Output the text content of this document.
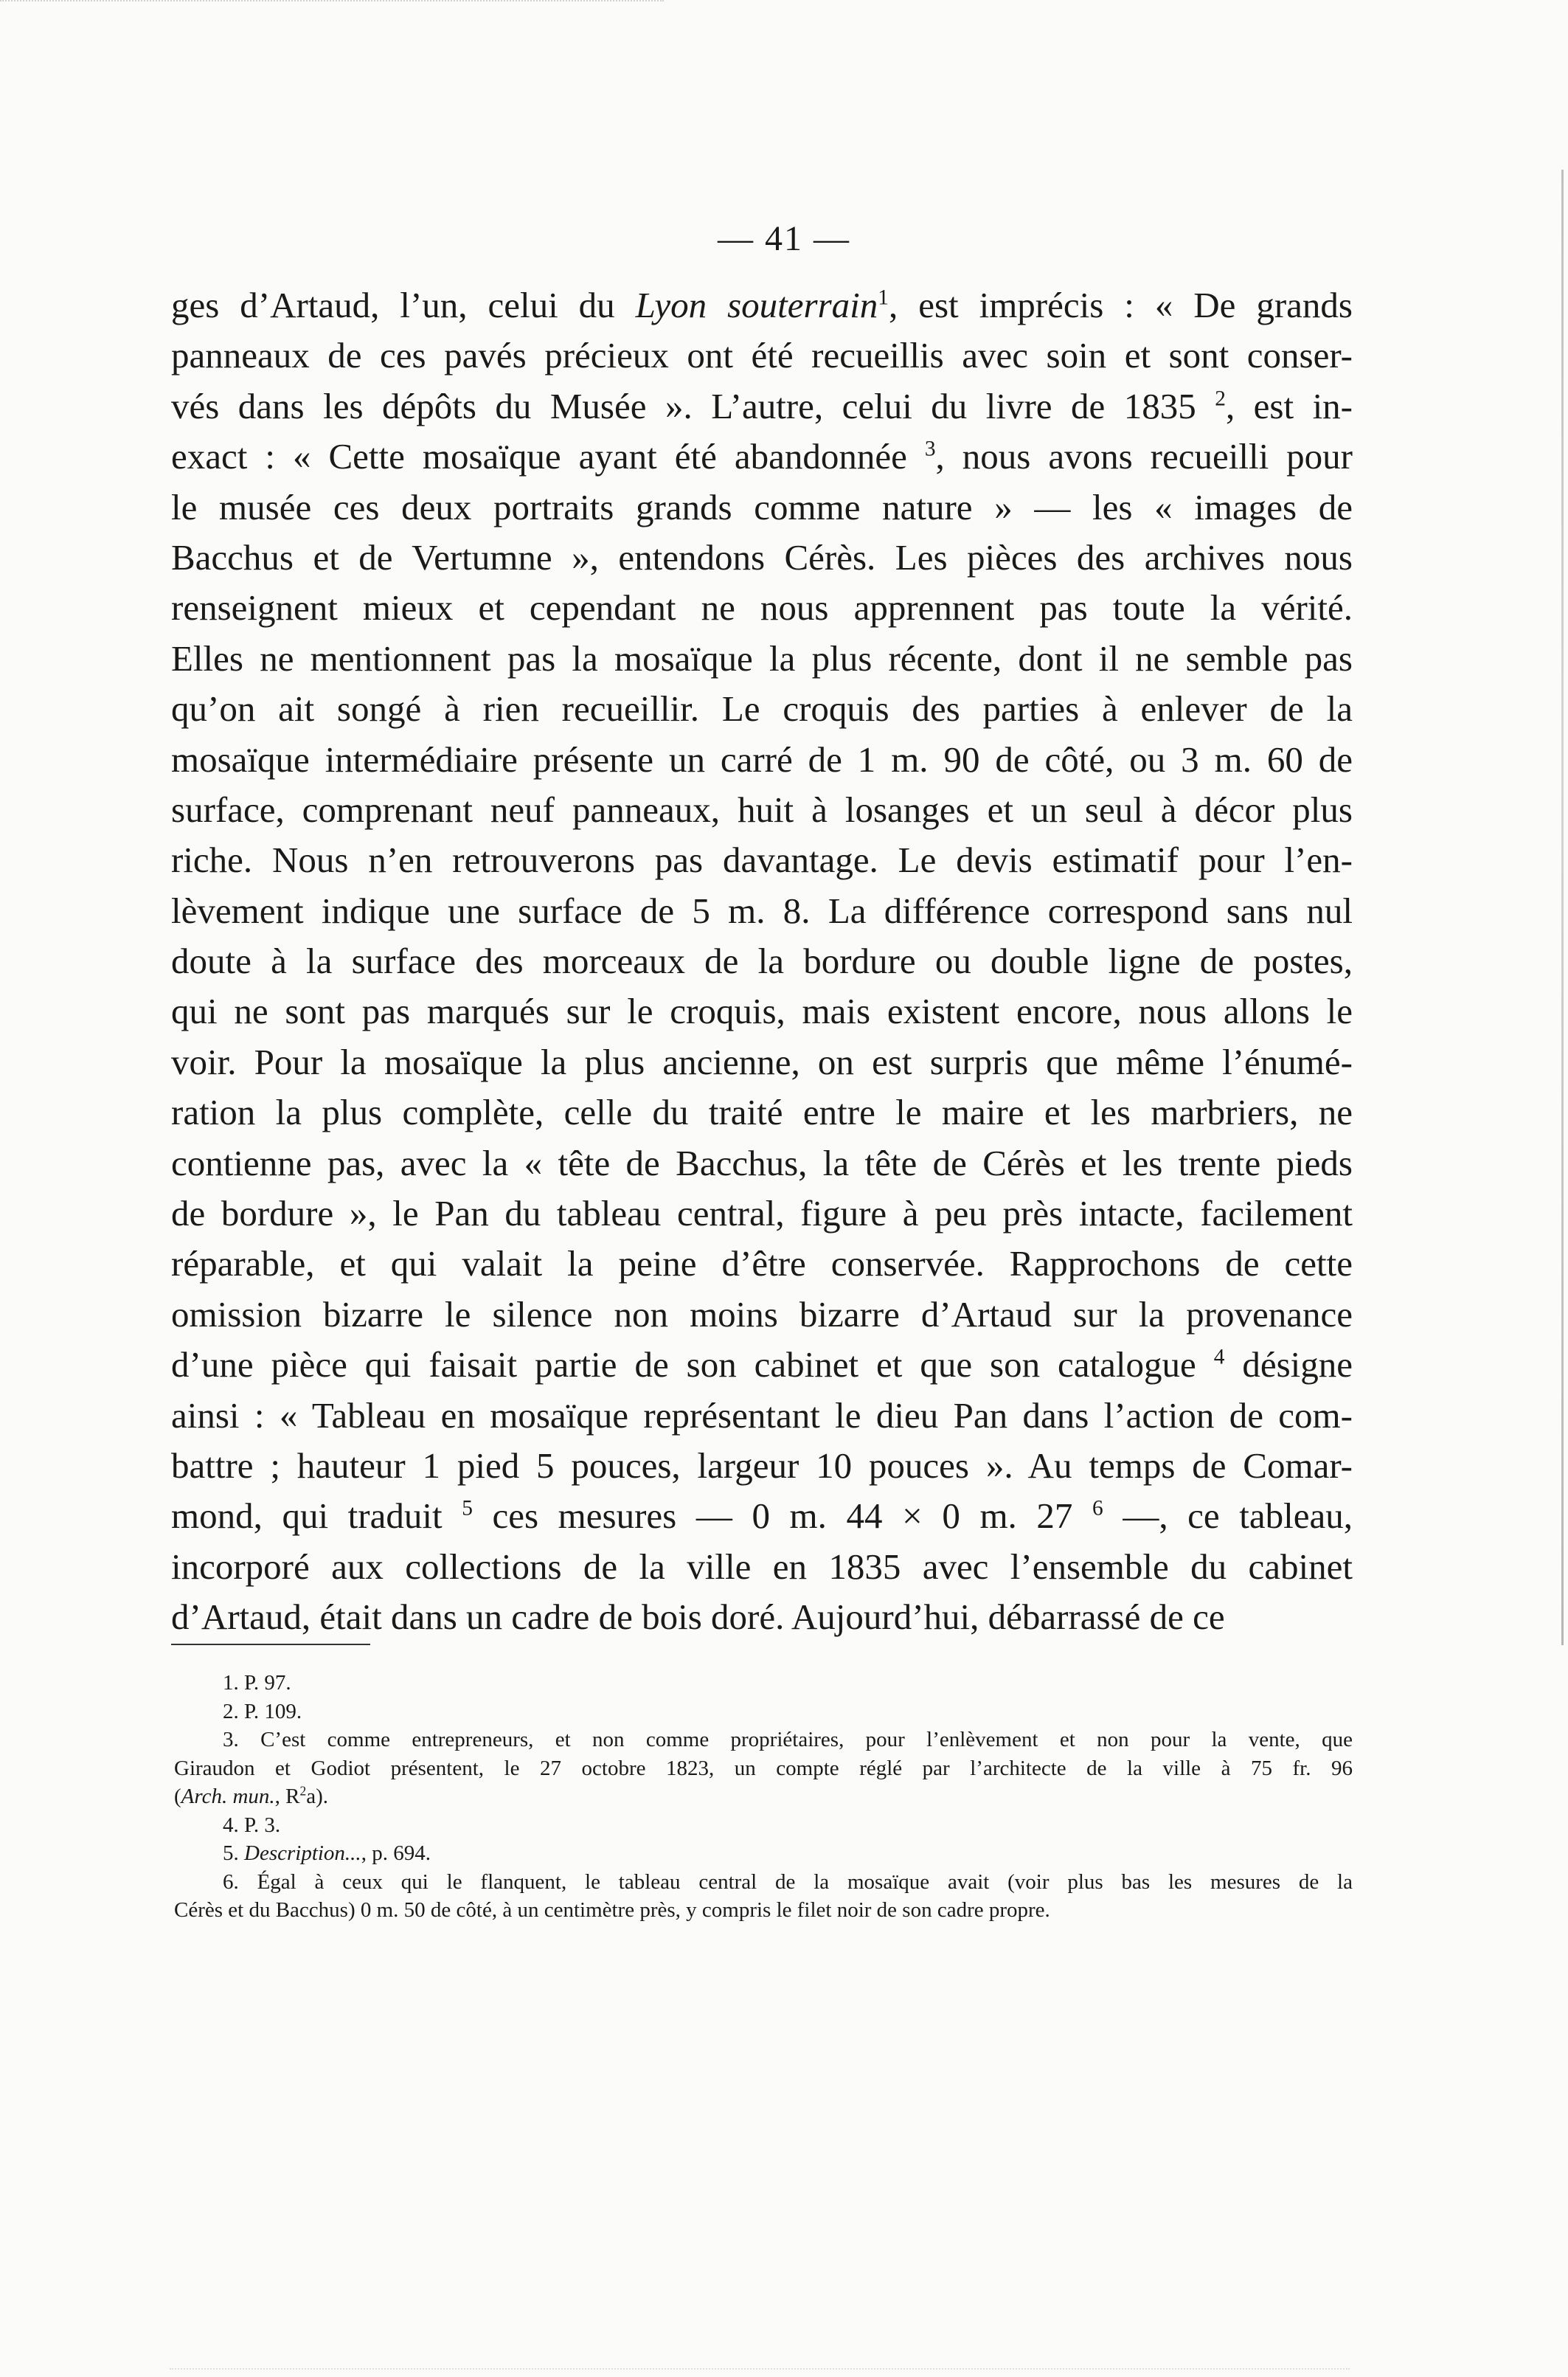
— 41 —
ges d’Artaud, l’un, celui du Lyon souterrain$^1$, est imprécis : « De grands
panneaux de ces pavés précieux ont été recueillis avec soin et sont conser-
vés dans les dépôts du Musée ». L’autre, celui du livre de 1835 $^2$, est in-
exact : « Cette mosaïque ayant été abandonnée $^3$, nous avons recueilli pour
le musée ces deux portraits grands comme nature » — les « images de
Bacchus et de Vertumne », entendons Cérès. Les pièces des archives nous
renseignent mieux et cependant ne nous apprennent pas toute la vérité.
Elles ne mentionnent pas la mosaïque la plus récente, dont il ne semble pas
qu’on ait songé à rien recueillir. Le croquis des parties à enlever de la
mosaïque intermédiaire présente un carré de 1 m. 90 de côté, ou 3 m. 60 de
surface, comprenant neuf panneaux, huit à losanges et un seul à décor plus
riche. Nous n’en retrouverons pas davantage. Le devis estimatif pour l’en-
lèvement indique une surface de 5 m. 8. La différence correspond sans nul
doute à la surface des morceaux de la bordure ou double ligne de postes,
qui ne sont pas marqués sur le croquis, mais existent encore, nous allons le
voir. Pour la mosaïque la plus ancienne, on est surpris que même l’énumé-
ration la plus complète, celle du traité entre le maire et les marbriers, ne
contienne pas, avec la « tête de Bacchus, la tête de Cérès et les trente pieds
de bordure », le Pan du tableau central, figure à peu près intacte, facilement
réparable, et qui valait la peine d’être conservée. Rapprochons de cette
omission bizarre le silence non moins bizarre d’Artaud sur la provenance
d’une pièce qui faisait partie de son cabinet et que son catalogue $^4$ désigne
ainsi : « Tableau en mosaïque représentant le dieu Pan dans l’action de com-
battre ; hauteur 1 pied 5 pouces, largeur 10 pouces ». Au temps de Comar-
mond, qui traduit $^5$ ces mesures — 0 m. 44 × 0 m. 27 $^6$ —, ce tableau,
incorporé aux collections de la ville en 1835 avec l’ensemble du cabinet
d’Artaud, était dans un cadre de bois doré. Aujourd’hui, débarrassé de ce
1. P. 97.
2. P. 109.
3. C’est comme entrepreneurs, et non comme propriétaires, pour l’enlèvement et non pour la vente, que
Giraudon et Godiot présentent, le 27 octobre 1823, un compte réglé par l’architecte de la ville à 75 fr. 96
(Arch. mun., $R^2a$).
4. P. 3.
5. Description..., p. 694.
6. Égal à ceux qui le flanquent, le tableau central de la mosaïque avait (voir plus bas les mesures de la
Cérès et du Bacchus) 0 m. 50 de côté, à un centimètre près, y compris le filet noir de son cadre propre.
